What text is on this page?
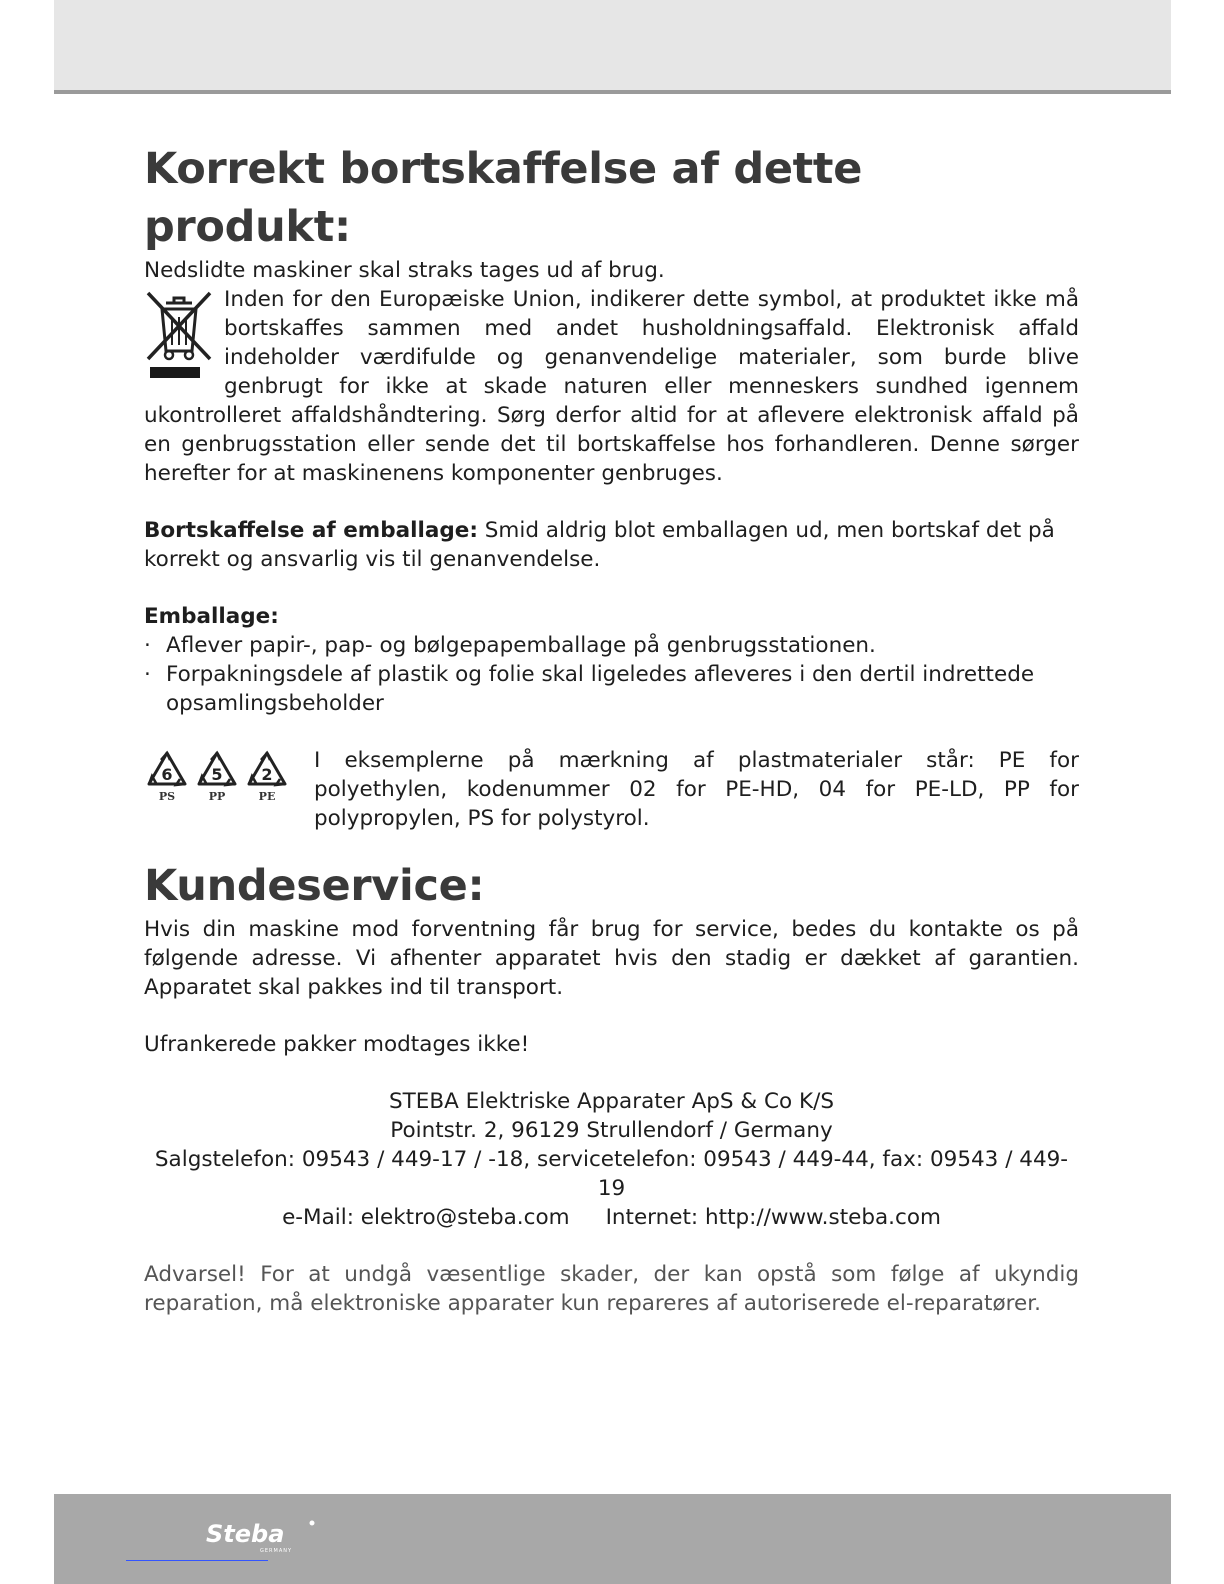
Korrekt bortskaffelse af dette produkt:

Nedslidte maskiner skal straks tages ud af brug.

Inden for den Europæiske Union, indikerer dette symbol, at produktet ikke må bortskaffes sammen med andet husholdningsaffald. Elektronisk affald indeholder værdifulde og genanvendelige materialer, som burde blive genbrugt for ikke at skade naturen eller menneskers sundhed igennem ukontrolleret affaldshåndtering. Sørg derfor altid for at aflevere elektronisk affald på en genbrugsstation eller sende det til bortskaffelse hos forhandleren. Denne sørger herefter for at maskinenens komponenter genbruges.

Bortskaffelse af emballage: Smid aldrig blot emballagen ud, men bortskaf det på korrekt og ansvarlig vis til genanvendelse.

Emballage:

· Aflever papir-, pap- og bølgepapemballage på genbrugsstationen.
· Forpakningsdele af plastik og folie skal ligeledes afleveres i den dertil indrettede opsamlingsbeholder
6
PS
5
PP
2
PE

I eksemplerne på mærkning af plastmaterialer står: PE for polyethylen, kodenummer 02 for PE-HD, 04 for PE-LD, PP for polypropylen, PS for polystyrol.

Kundeservice:

Hvis din maskine mod forventning får brug for service, bedes du kontakte os på følgende adresse. Vi afhenter apparatet hvis den stadig er dækket af garantien. Apparatet skal pakkes ind til transport.

Ufrankerede pakker modtages ikke!

STEBA Elektriske Apparater ApS & Co K/S
Pointstr. 2, 96129 Strullendorf / Germany
Salgstelefon: 09543 / 449-17 / -18, servicetelefon: 09543 / 449-44, fax: 09543 / 449-19
e-Mail: elektro@steba.com Internet: http://www.steba.com

Advarsel! For at undgå væsentlige skader, der kan opstå som følge af ukyndig reparation, må elektroniske apparater kun repareres af autoriserede el-reparatører.

Steba
GERMANY
